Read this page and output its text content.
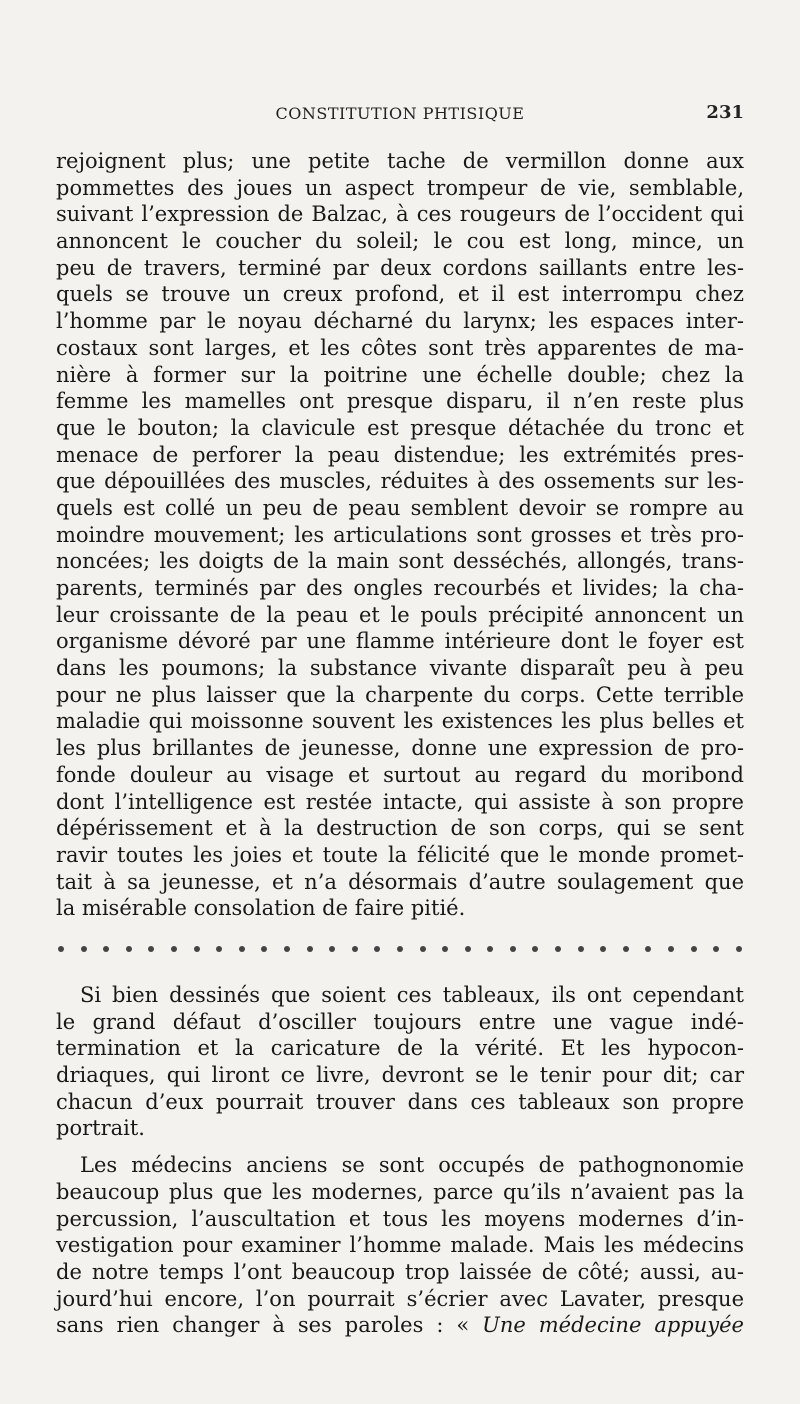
CONSTITUTION PHTISIQUE	231
rejoignent plus; une petite tache de vermillon donne aux
pommettes des joues un aspect trompeur de vie, semblable,
suivant l’expression de Balzac, à ces rougeurs de l’occident qui
annoncent le coucher du soleil; le cou est long, mince, un
peu de travers, terminé par deux cordons saillants entre les-
quels se trouve un creux profond, et il est interrompu chez
l’homme par le noyau décharné du larynx; les espaces inter-
costaux sont larges, et les côtes sont très apparentes de ma-
nière à former sur la poitrine une échelle double; chez la
femme les mamelles ont presque disparu, il n’en reste plus
que le bouton; la clavicule est presque détachée du tronc et
menace de perforer la peau distendue; les extrémités pres-
que dépouillées des muscles, réduites à des ossements sur les-
quels est collé un peu de peau semblent devoir se rompre au
moindre mouvement; les articulations sont grosses et très pro-
noncées; les doigts de la main sont desséchés, allongés, trans-
parents, terminés par des ongles recourbés et livides; la cha-
leur croissante de la peau et le pouls précipité annoncent un
organisme dévoré par une flamme intérieure dont le foyer est
dans les poumons; la substance vivante disparaît peu à peu
pour ne plus laisser que la charpente du corps. Cette terrible
maladie qui moissonne souvent les existences les plus belles et
les plus brillantes de jeunesse, donne une expression de pro-
fonde douleur au visage et surtout au regard du moribond
dont l’intelligence est restée intacte, qui assiste à son propre
dépérissement et à la destruction de son corps, qui se sent
ravir toutes les joies et toute la félicité que le monde promet-
tait à sa jeunesse, et n’a désormais d’autre soulagement que
la misérable consolation de faire pitié.
Si bien dessinés que soient ces tableaux, ils ont cependant
le grand défaut d’osciller toujours entre une vague indé-
termination et la caricature de la vérité. Et les hypocon-
driaques, qui liront ce livre, devront se le tenir pour dit; car
chacun d’eux pourrait trouver dans ces tableaux son propre
portrait.
Les médecins anciens se sont occupés de pathognonomie
beaucoup plus que les modernes, parce qu’ils n’avaient pas la
percussion, l’auscultation et tous les moyens modernes d’in-
vestigation pour examiner l’homme malade. Mais les médecins
de notre temps l’ont beaucoup trop laissée de côté; aussi, au-
jourd’hui encore, l’on pourrait s’écrier avec Lavater, presque
sans rien changer à ses paroles : « Une médecine appuyée
